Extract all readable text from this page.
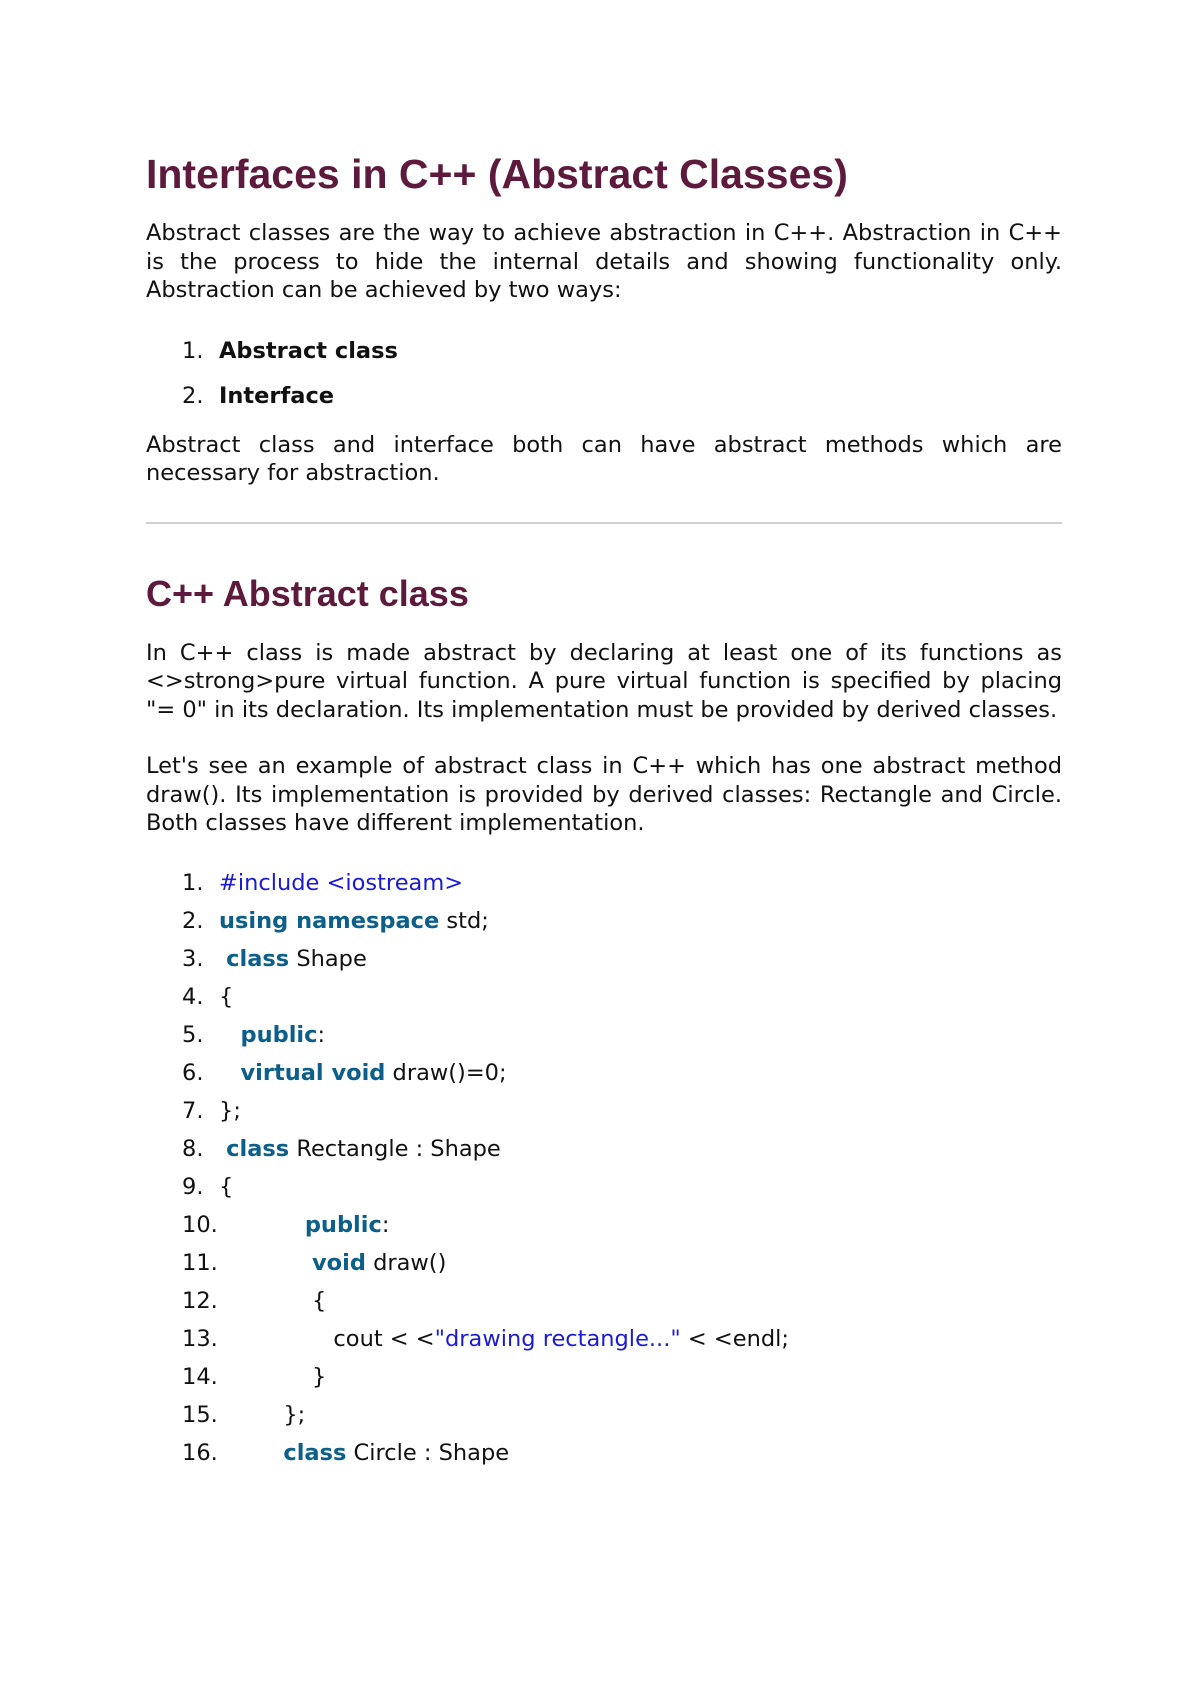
Interfaces in C++ (Abstract Classes)

Abstract classes are the way to achieve abstraction in C++. Abstraction in C++ is the process to hide the internal details and showing functionality only. Abstraction can be achieved by two ways:

1. Abstract class
2. Interface

Abstract class and interface both can have abstract methods which are necessary for abstraction.

C++ Abstract class

In C++ class is made abstract by declaring at least one of its functions as <>strong>pure virtual function. A pure virtual function is specified by placing "= 0" in its declaration. Its implementation must be provided by derived classes.

Let's see an example of abstract class in C++ which has one abstract method draw(). Its implementation is provided by derived classes: Rectangle and Circle. Both classes have different implementation.

1. #include <iostream>
2. using namespace std;
3. class Shape
4. {
5. public:
6. virtual void draw()=0;
7. };
8. class Rectangle : Shape
9. {
10.	public:
11.	void draw()
12. {
13. cout < <"drawing rectangle..." < <endl;
14. }
15. };
16.	class Circle : Shape
